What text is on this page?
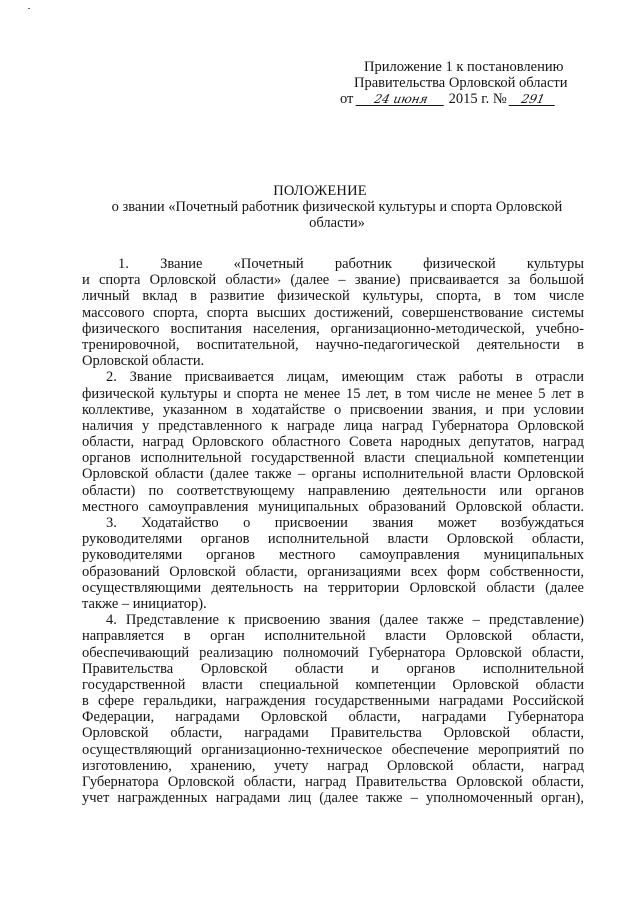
Приложение 1 к постановлению
Правительства Орловской области
от 24 июня 2015 г. № 291
ПОЛОЖЕНИЕ
о звании «Почетный работник физической культуры и спорта Орловской
области»
1. Звание «Почетный работник физической культуры
и спорта Орловской области» (далее – звание) присваивается за большой
личный вклад в развитие физической культуры, спорта, в том числе
массового спорта, спорта высших достижений, совершенствование системы
физического воспитания населения, организационно-методической, учебно-
тренировочной, воспитательной, научно-педагогической деятельности в
Орловской области.
2. Звание присваивается лицам, имеющим стаж работы в отрасли
физической культуры и спорта не менее 15 лет, в том числе не менее 5 лет в
коллективе, указанном в ходатайстве о присвоении звания, и при условии
наличия у представленного к награде лица наград Губернатора Орловской
области, наград Орловского областного Совета народных депутатов, наград
органов исполнительной государственной власти специальной компетенции
Орловской области (далее также – органы исполнительной власти Орловской
области) по соответствующему направлению деятельности или органов
местного самоуправления муниципальных образований Орловской области.
3. Ходатайство о присвоении звания может возбуждаться
руководителями органов исполнительной власти Орловской области,
руководителями органов местного самоуправления муниципальных
образований Орловской области, организациями всех форм собственности,
осуществляющими деятельность на территории Орловской области (далее
также – инициатор).
4. Представление к присвоению звания (далее также – представление)
направляется в орган исполнительной власти Орловской области,
обеспечивающий реализацию полномочий Губернатора Орловской области,
Правительства Орловской области и органов исполнительной
государственной власти специальной компетенции Орловской области
в сфере геральдики, награждения государственными наградами Российской
Федерации, наградами Орловской области, наградами Губернатора
Орловской области, наградами Правительства Орловской области,
осуществляющий организационно-техническое обеспечение мероприятий по
изготовлению, хранению, учету наград Орловской области, наград
Губернатора Орловской области, наград Правительства Орловской области,
учет награжденных наградами лиц (далее также – уполномоченный орган),
